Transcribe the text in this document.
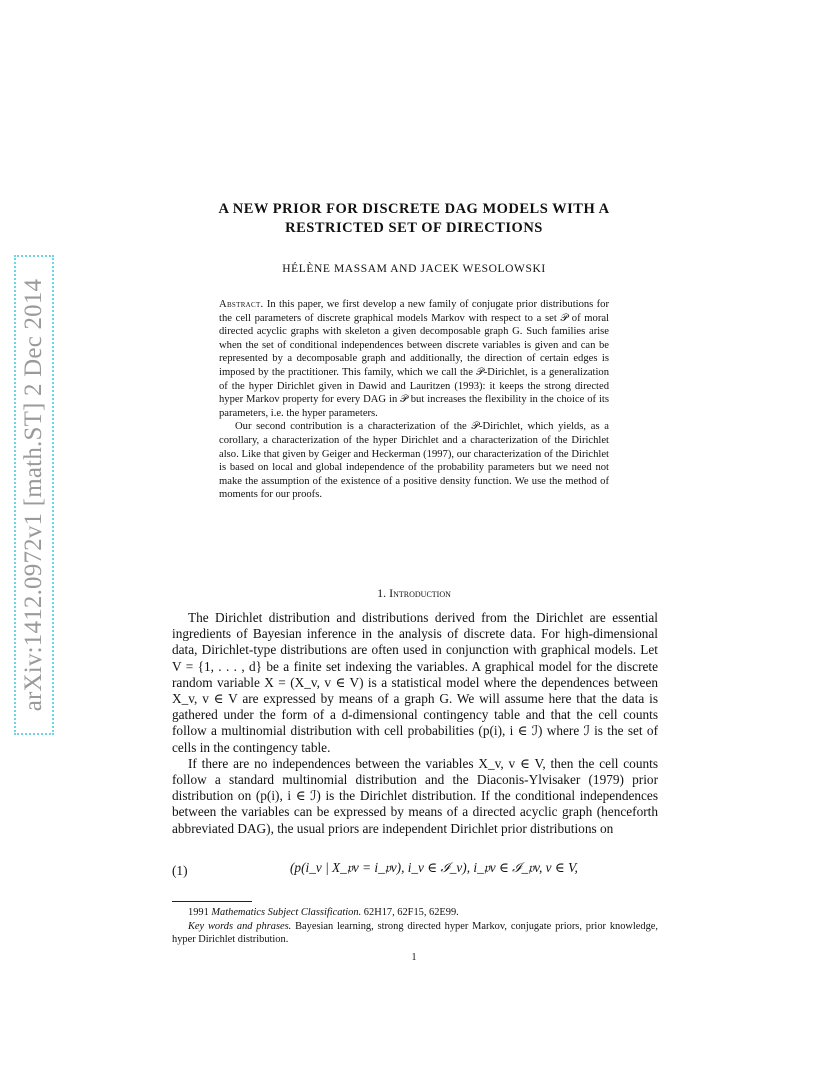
arXiv:1412.0972v1 [math.ST] 2 Dec 2014
A NEW PRIOR FOR DISCRETE DAG MODELS WITH A RESTRICTED SET OF DIRECTIONS
HÉLÈNE MASSAM AND JACEK WESOLOWSKI

Abstract. In this paper, we first develop a new family of conjugate prior distributions for the cell parameters of discrete graphical models Markov with respect to a set 𝒫 of moral directed acyclic graphs with skeleton a given decomposable graph G. Such families arise when the set of conditional independences between discrete variables is given and can be represented by a decomposable graph and additionally, the direction of certain edges is imposed by the practitioner. This family, which we call the 𝒫-Dirichlet, is a generalization of the hyper Dirichlet given in Dawid and Lauritzen (1993): it keeps the strong directed hyper Markov property for every DAG in 𝒫 but increases the flexibility in the choice of its parameters, i.e. the hyper parameters.

Our second contribution is a characterization of the 𝒫-Dirichlet, which yields, as a corollary, a characterization of the hyper Dirichlet and a characterization of the Dirichlet also. Like that given by Geiger and Heckerman (1997), our characterization of the Dirichlet is based on local and global independence of the probability parameters but we need not make the assumption of the existence of a positive density function. We use the method of moments for our proofs.

1. Introduction

The Dirichlet distribution and distributions derived from the Dirichlet are essential ingredients of Bayesian inference in the analysis of discrete data. For high-dimensional data, Dirichlet-type distributions are often used in conjunction with graphical models. Let V = {1, . . . , d} be a finite set indexing the variables. A graphical model for the discrete random variable X = (X_v, v ∈ V) is a statistical model where the dependences between X_v, v ∈ V are expressed by means of a graph G. We will assume here that the data is gathered under the form of a d-dimensional contingency table and that the cell counts follow a multinomial distribution with cell probabilities (p(i), i ∈ ℐ) where ℐ is the set of cells in the contingency table.

If there are no independences between the variables X_v, v ∈ V, then the cell counts follow a standard multinomial distribution and the Diaconis-Ylvisaker (1979) prior distribution on (p(i), i ∈ ℐ) is the Dirichlet distribution. If the conditional independences between the variables can be expressed by means of a directed acyclic graph (henceforth abbreviated DAG), the usual priors are independent Dirichlet prior distributions on

(1)	(p(i_v | X_𝔭v = i_𝔭v), i_v ∈ ℐ_v), i_𝔭v ∈ ℐ_𝔭v, v ∈ V,

1991 Mathematics Subject Classification. 62H17, 62F15, 62E99.

Key words and phrases. Bayesian learning, strong directed hyper Markov, conjugate priors, prior knowledge, hyper Dirichlet distribution.

1
